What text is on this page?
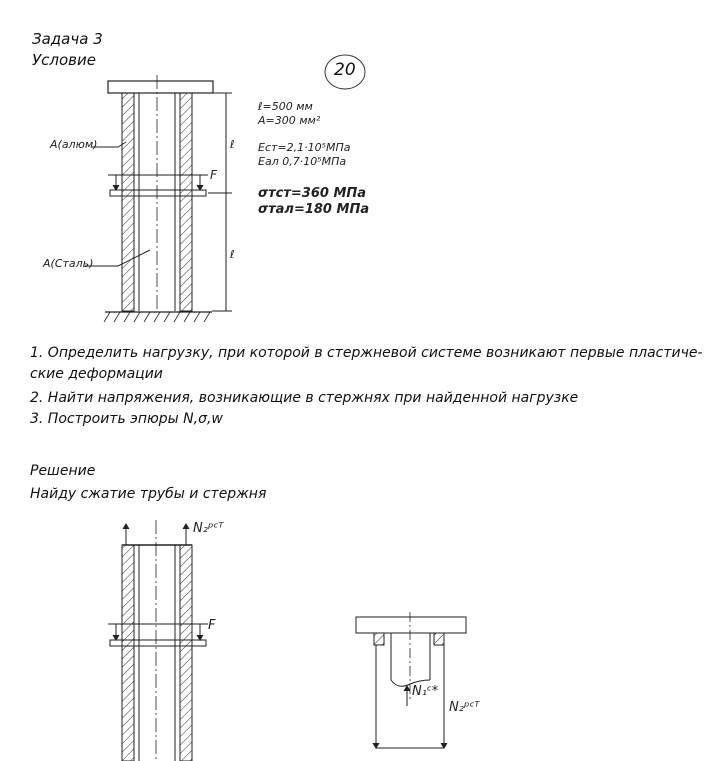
Задача 3
Условие	20
А(алюм)
А(Сталь)
F
ℓ
ℓ
ℓ=500 мм
А=300 мм²
Eст=2,1·10⁵МПа
Eал 0,7·10⁵МПа
σтст=360 МПа
σтал=180 МПа
1. Определить нагрузку, при которой в стержневой системе возникают первые пластиче-
ские деформации
2. Найти напряжения, возникающие в стержнях при найденной нагрузке
3. Построить эпюры N,σ,w
Решение
Найду сжатие трубы и стержня
N₂ᵖᶜᵀ
F
N₁ᶜ*
N₂ᵖᶜᵀ
